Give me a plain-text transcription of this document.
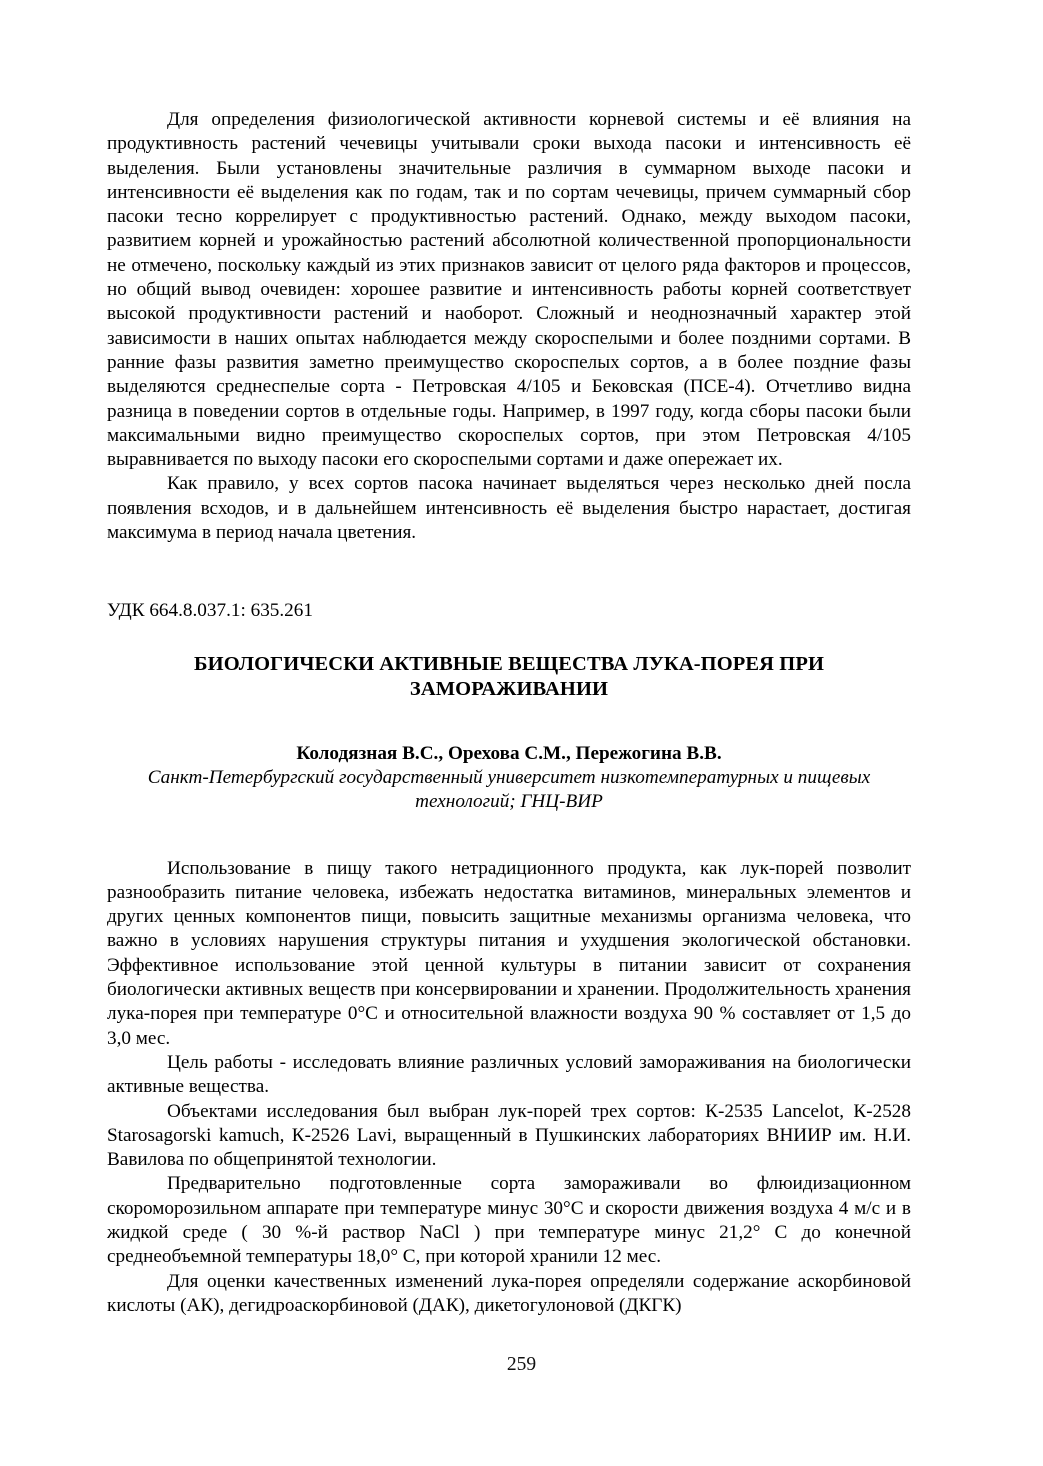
Для определения физиологической активности корневой системы и её влияния на продуктивность растений чечевицы учитывали сроки выхода пасоки и интенсивность её выделения. Были установлены значительные различия в суммарном выходе пасоки и интенсивности её выделения как по годам, так и по сортам чечевицы, причем суммарный сбор пасоки тесно коррелирует с продуктивностью растений. Однако, между выходом пасоки, развитием корней и урожайностью растений абсолютной количественной пропорциональности не отмечено, поскольку каждый из этих признаков зависит от целого ряда факторов и процессов, но общий вывод очевиден: хорошее развитие и интенсивность работы корней соответствует высокой продуктивности растений и наоборот. Сложный и неоднозначный характер этой зависимости в наших опытах наблюдается между скороспелыми и более поздними сортами. В ранние фазы развития заметно преимущество скороспелых сортов, а в более поздние фазы выделяются среднеспелые сорта - Петровская 4/105 и Бековская (ПСЕ-4). Отчетливо видна разница в поведении сортов в отдельные годы. Например, в 1997 году, когда сборы пасоки были максимальными видно преимущество скороспелых сортов, при этом Петровская 4/105 выравнивается по выходу пасоки его скороспелыми сортами и даже опережает их.

Как правило, у всех сортов пасока начинает выделяться через несколько дней посла появления всходов, и в дальнейшем интенсивность её выделения быстро нарастает, достигая максимума в период начала цветения.

УДК 664.8.037.1: 635.261

БИОЛОГИЧЕСКИ АКТИВНЫЕ ВЕЩЕСТВА ЛУКА-ПОРЕЯ ПРИ
ЗАМОРАЖИВАНИИ

Колодязная В.С., Орехова С.М., Пережогина В.В.

Санкт-Петербургский государственный университет низкотемпературных и пищевых технологий; ГНЦ-ВИР

Использование в пищу такого нетрадиционного продукта, как лук-порей позволит разнообразить питание человека, избежать недостатка витаминов, минеральных элементов и других ценных компонентов пищи, повысить защитные механизмы организма человека, что важно в условиях нарушения структуры питания и ухудшения экологической обстановки. Эффективное использование этой ценной культуры в питании зависит от сохранения биологически активных веществ при консервировании и хранении. Продолжительность хранения лука-порея при температуре 0°С и относительной влажности воздуха 90 % составляет от 1,5 до 3,0 мес.

Цель работы - исследовать влияние различных условий замораживания на биологически активные вещества.

Объектами исследования был выбран лук-порей трех сортов: К-2535 Lancelot, К-2528 Starosagorski kamuch, К-2526 Lavi, выращенный в Пушкинских лабораториях ВНИИР им. Н.И. Вавилова по общепринятой технологии.

Предварительно подготовленные сорта замораживали во флюидизационном скороморозильном аппарате при температуре минус 30°С и скорости движения воздуха 4 м/с и в жидкой среде ( 30 %-й раствор NaCl ) при температуре минус 21,2° С до конечной среднеобъемной температуры 18,0° С, при которой хранили 12 мес.

Для оценки качественных изменений лука-порея определяли содержание аскорбиновой кислоты (АК), дегидроаскорбиновой (ДАК), дикетогулоновой (ДКГК)

259
